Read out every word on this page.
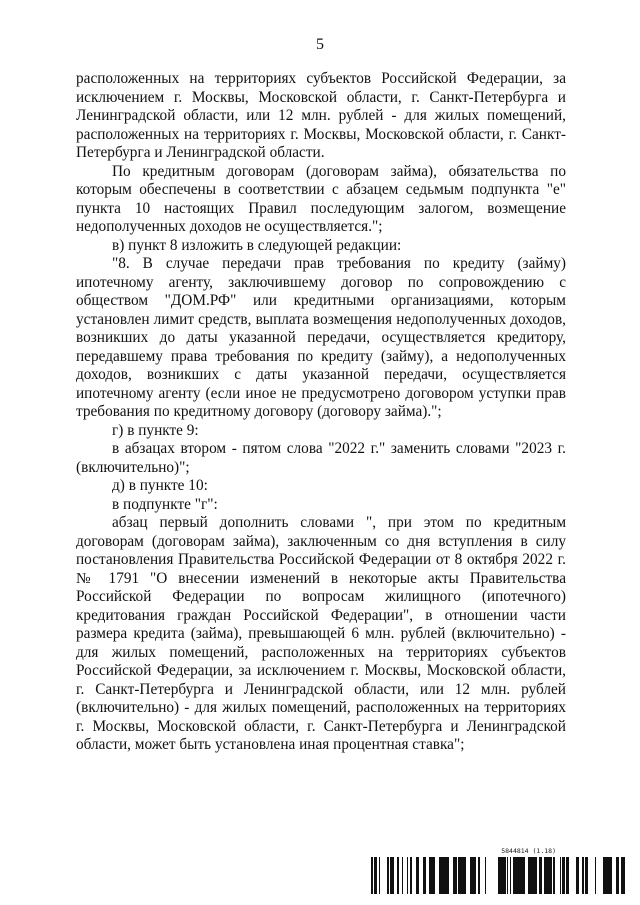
5

расположенных на территориях субъектов Российской Федерации, за исключением г. Москвы, Московской области, г. Санкт-Петербурга и Ленинградской области, или 12 млн. рублей - для жилых помещений, расположенных на территориях г. Москвы, Московской области, г. Санкт-Петербурга и Ленинградской области.

По кредитным договорам (договорам займа), обязательства по которым обеспечены в соответствии с абзацем седьмым подпункта "е" пункта 10 настоящих Правил последующим залогом, возмещение недополученных доходов не осуществляется.";

в) пункт 8 изложить в следующей редакции:

"8. В случае передачи прав требования по кредиту (займу) ипотечному агенту, заключившему договор по сопровождению с обществом "ДОМ.РФ" или кредитными организациями, которым установлен лимит средств, выплата возмещения недополученных доходов, возникших до даты указанной передачи, осуществляется кредитору, передавшему права требования по кредиту (займу), а недополученных доходов, возникших с даты указанной передачи, осуществляется ипотечному агенту (если иное не предусмотрено договором уступки прав требования по кредитному договору (договору займа).";

г) в пункте 9:

в абзацах втором - пятом слова "2022 г." заменить словами "2023 г. (включительно)";

д) в пункте 10:

в подпункте "г":

абзац первый дополнить словами ", при этом по кредитным договорам (договорам займа), заключенным со дня вступления в силу постановления Правительства Российской Федерации от 8 октября 2022 г. № 1791 "О внесении изменений в некоторые акты Правительства Российской Федерации по вопросам жилищного (ипотечного) кредитования граждан Российской Федерации", в отношении части размера кредита (займа), превышающей 6 млн. рублей (включительно) - для жилых помещений, расположенных на территориях субъектов Российской Федерации, за исключением г. Москвы, Московской области, г. Санкт-Петербурга и Ленинградской области, или 12 млн. рублей (включительно) - для жилых помещений, расположенных на территориях г. Москвы, Московской области, г. Санкт-Петербурга и Ленинградской области, может быть установлена иная процентная ставка";

5844814 (1.18)
